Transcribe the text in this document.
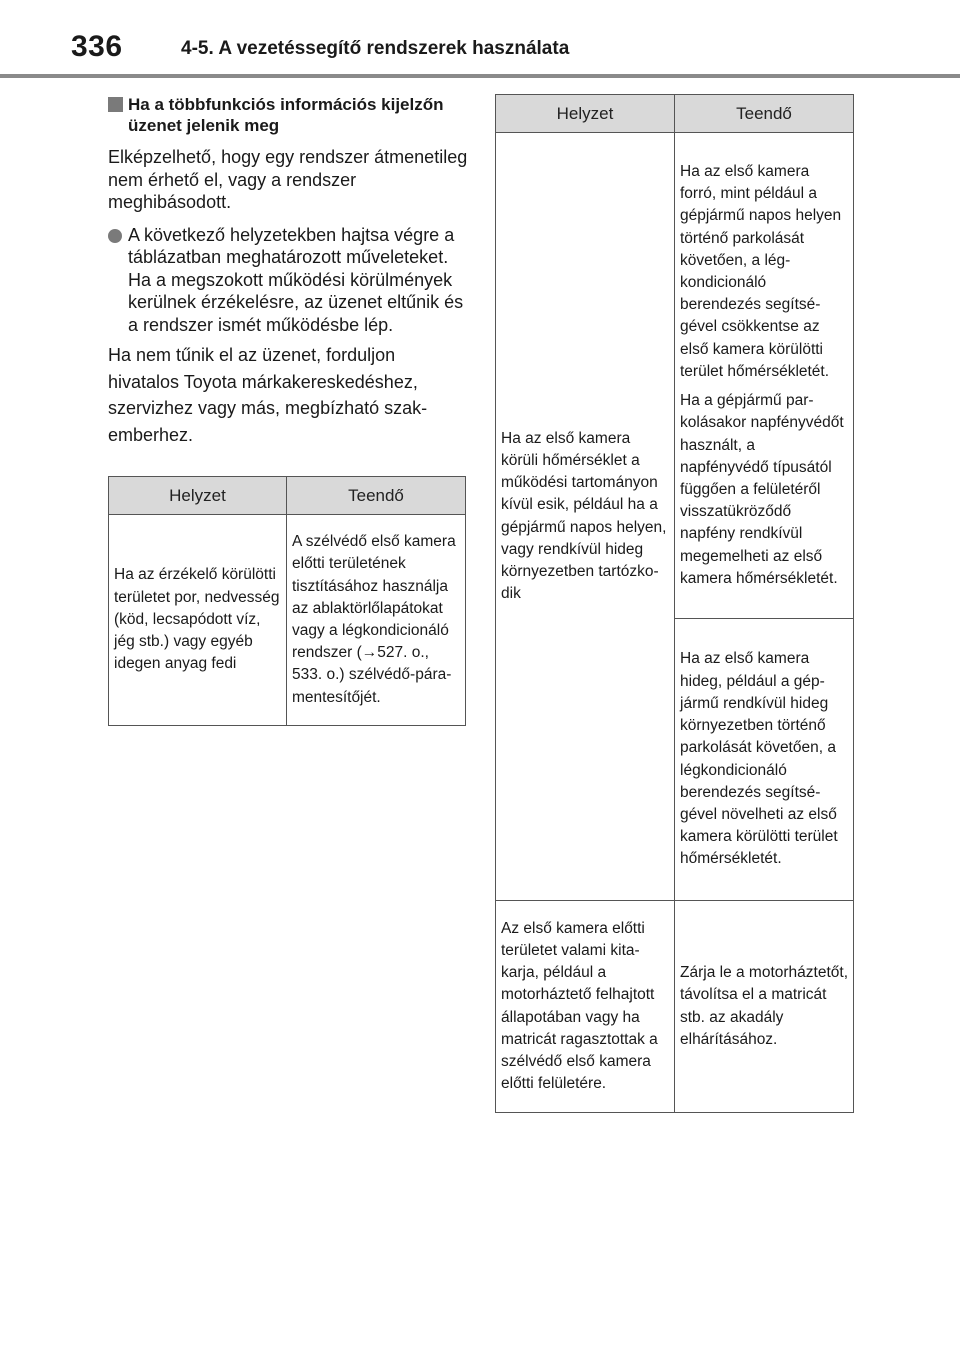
336	4-5. A vezetéssegítő rendszerek használata
Ha a többfunkciós információs kijelzőn üzenet jelenik meg
Elképzelhető, hogy egy rendszer átmenetileg nem érhető el, vagy a rendszer meghibásodott.
A következő helyzetekben hajtsa végre a táblázatban meghatározott műveleteket. Ha a megszokott működési körülmények kerülnek érzékelésre, az üzenet eltűnik és a rendszer ismét működésbe lép.
Ha nem tűnik el az üzenet, forduljon hivatalos Toyota márkakereskedéshez, szervizhez vagy más, megbízható szakemberhez.
Helyzet	Teendő
Ha az érzékelő körülötti területet por, nedvesség (köd, lecsapódott víz, jég stb.) vagy egyéb idegen anyag fedi	A szélvédő első kamera előtti területének tisztításához használja az ablaktörlőlapátokat vagy a légkondicionáló rendszer (→527. o., 533. o.) szélvédő-páramentesítőjét.
Helyzet	Teendő
Ha az első kamera körüli hőmérséklet a működési tartományon kívül esik, például ha a gépjármű napos helyen, vagy rendkívül hideg környezetben tartózkodik	Ha az első kamera forró, mint például a gépjármű napos helyen történő parkolását követően, a légkondicionáló berendezés segítségével csökkentse az első kamera körülötti terület hőmérsékletét.
Ha a gépjármű parkolásakor napfényvédőt használt, a napfényvédő típusától függően a felületéről visszatükröződő napfény rendkívül megemelheti az első kamera hőmérsékletét.

	Ha az első kamera hideg, például a gépjármű rendkívül hideg környezetben történő parkolását követően, a légkondicionáló berendezés segítségével növelheti az első kamera körülötti terület hőmérsékletét.
Az első kamera előtti területet valami kitakarja, például a motorháztető felhajtott állapotában vagy ha matricát ragasztottak a szélvédő első kamera előtti felületére.	Zárja le a motorháztetőt, távolítsa el a matricát stb. az akadály elhárításához.
